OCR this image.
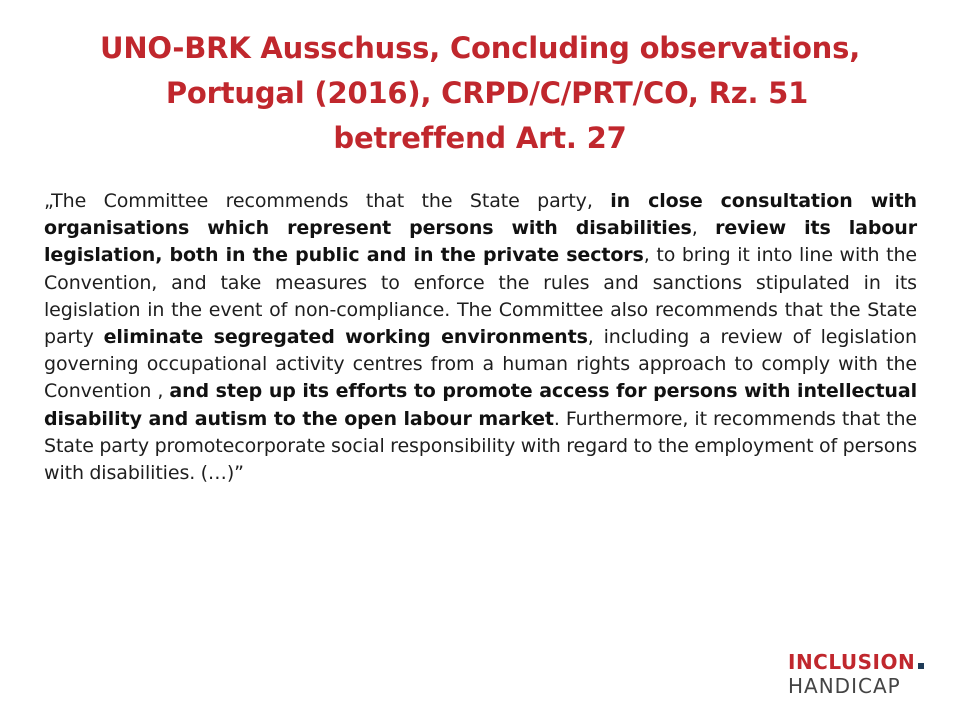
UNO-BRK Ausschuss, Concluding observations,
Portugal (2016), CRPD/C/PRT/CO, Rz. 51
betreffend Art. 27
„The Committee recommends that the State party, in close consultation with organisations which represent persons with disabilities, review its labour legislation, both in the public and in the private sectors, to bring it into line with the Convention, and take measures to enforce the rules and sanctions stipulated in its legislation in the event of non-compliance. The Committee also recommends that the State party eliminate segregated working environments, including a review of legislation governing occupational activity centres from a human rights approach to comply with the Convention , and step up its efforts to promote access for persons with intellectual disability and autism to the open labour market. Furthermore, it recommends that the State party promotecorporate social responsibility with regard to the employment of persons with disabilities. (…)”
INCLUSION
HANDICAP
